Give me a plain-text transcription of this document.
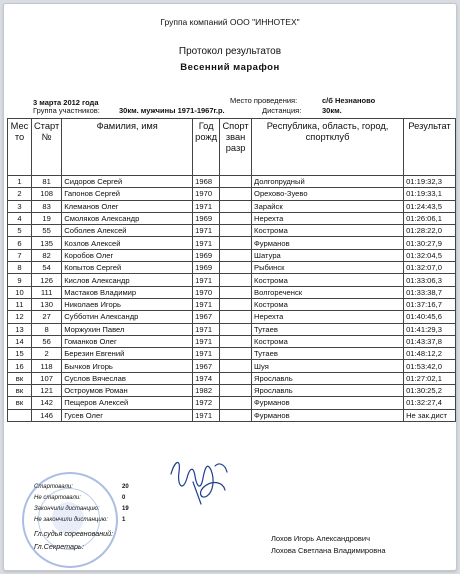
Группа компаний ООО "ИННОТЕХ"
Протокол результатов
Весенний марафон
3 марта 2012 года	Место проведения:	с/б Незнаново
Группа участников:	30км. мужчины 1971-1967г.р.	Дистанция:	30км.
Мес то	Старт №	Фамилия, имя	Год рожд	Спорт зван разр	Республика, область, город, спортклуб	Результат
1	81	Сидоров Сергей	1968		Долгопрудный	01:19:32,3
2	108	Гапонов Сергей	1970		Орехово-Зуево	01:19:33,1
3	83	Клеманов Олег	1971		Зарайск	01:24:43,5
4	19	Смоляков Александр	1969		Нерехта	01:26:06,1
5	55	Соболев Алексей	1971		Кострома	01:28:22,0
6	135	Козлов Алексей	1971		Фурманов	01:30:27,9
7	82	Коробов Олег	1969		Шатура	01:32:04,5
8	54	Копытов Сергей	1969		Рыбинск	01:32:07,0
9	126	Кислов Александр	1971		Кострома	01:33:06,3
10	111	Мастаков Владимир	1970		Волгореченск	01:33:38,7
11	130	Николаев Игорь	1971		Кострома	01:37:16,7
12	27	Субботин Александр	1967		Нерехта	01:40:45,6
13	8	Моржухин Павел	1971		Тутаев	01:41:29,3
14	56	Гоманков Олег	1971		Кострома	01:43:37,8
15	2	Березин Евгений	1971		Тутаев	01:48:12,2
16	118	Бычков Игорь	1967		Шуя	01:53:42,0
вк	107	Суслов Вячеслав	1974		Ярославль	01:27:02,1
вк	121	Остроумов Роман	1982		Ярославль	01:30:25,2
вк	142	Пещеров Алексей	1972		Фурманов	01:32:27,4
	146	Гусев Олег	1971		Фурманов	Не зак.дист
Стартовали:	20
Не стартовали:	0
Закончили дистанцию:	19
Не закончили дистанцию: 1
Гл.судья соревнований:
Гл.Секретарь:
Лохов Игорь Александрович
Лохова Светлана Владимировна
